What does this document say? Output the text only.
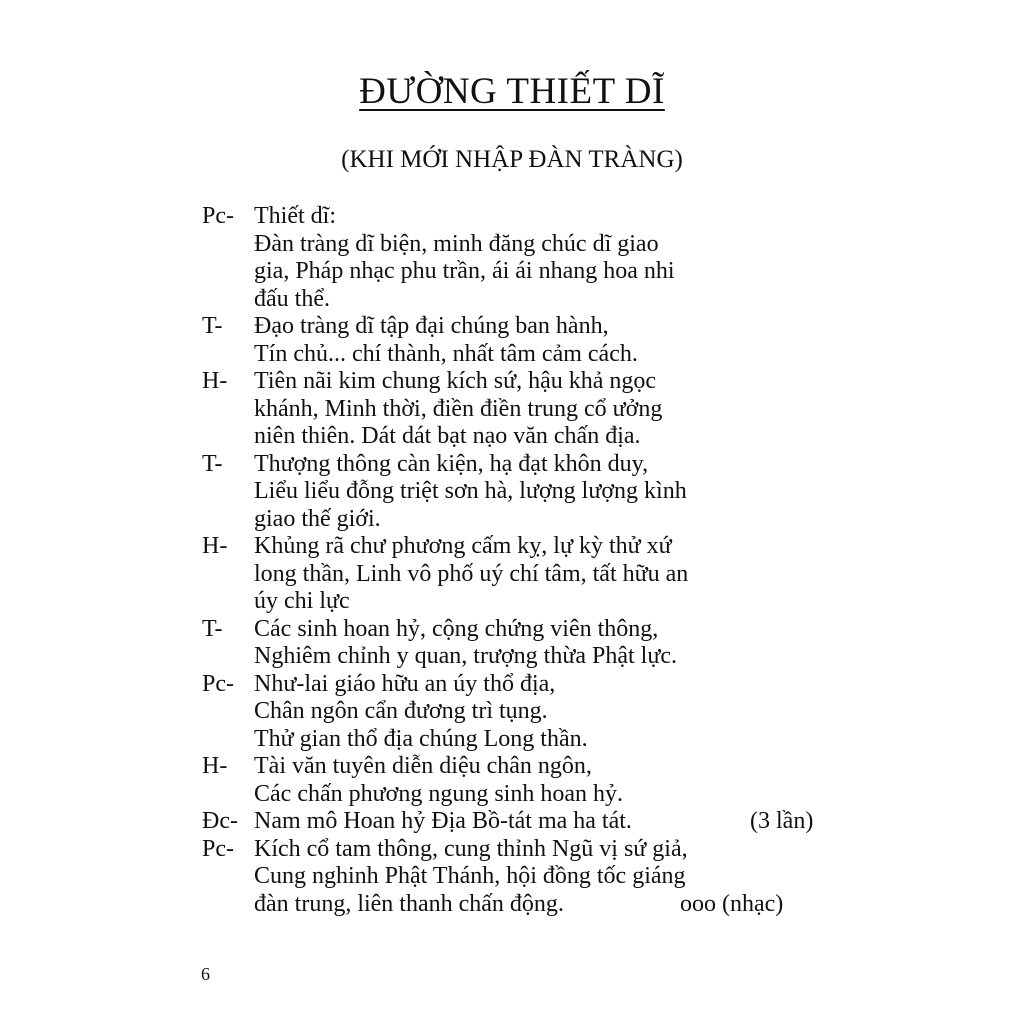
ĐƯỜNG THIẾT DĨ
(KHI MỚI NHẬP ĐÀN TRÀNG)
Pc- Thiết dĩ:
Đàn tràng dĩ biện, minh đăng chúc dĩ giao
gia, Pháp nhạc phu trần, ái ái nhang hoa nhi
đấu thể.
T-	Đạo tràng dĩ tập đại chúng ban hành,
Tín chủ... chí thành, nhất tâm cảm cách.
H-	Tiên nãi kim chung kích sứ, hậu khả ngọc
khánh, Minh thời, điền điền trung cổ ưởng
niên thiên. Dát dát bạt nạo văn chấn địa.
T-	Thượng thông càn kiện, hạ đạt khôn duy,
Liểu liểu đỗng triệt sơn hà, lượng lượng kình
giao thế giới.
H-	Khủng rã chư phương cấm kỵ, lự kỳ thử xứ
long thần, Linh vô phố uý chí tâm, tất hữu an
úy chi lực
T-	Các sinh hoan hỷ, cộng chứng viên thông,
Nghiêm chỉnh y quan, trượng thừa Phật lực.
Pc- Như-lai giáo hữu an úy thổ địa,
Chân ngôn cẩn đương trì tụng.
Thử gian thổ địa chúng Long thần.
H-	Tài văn tuyên diễn diệu chân ngôn,
Các chấn phương ngung sinh hoan hỷ.
Đc- Nam mô Hoan hỷ Địa Bồ-tát ma ha tát.	(3 lần)
Pc- Kích cổ tam thông, cung thỉnh Ngũ vị sứ giả,
Cung nghinh Phật Thánh, hội đồng tốc giáng
đàn trung, liên thanh chấn động.	ooo (nhạc)
6
